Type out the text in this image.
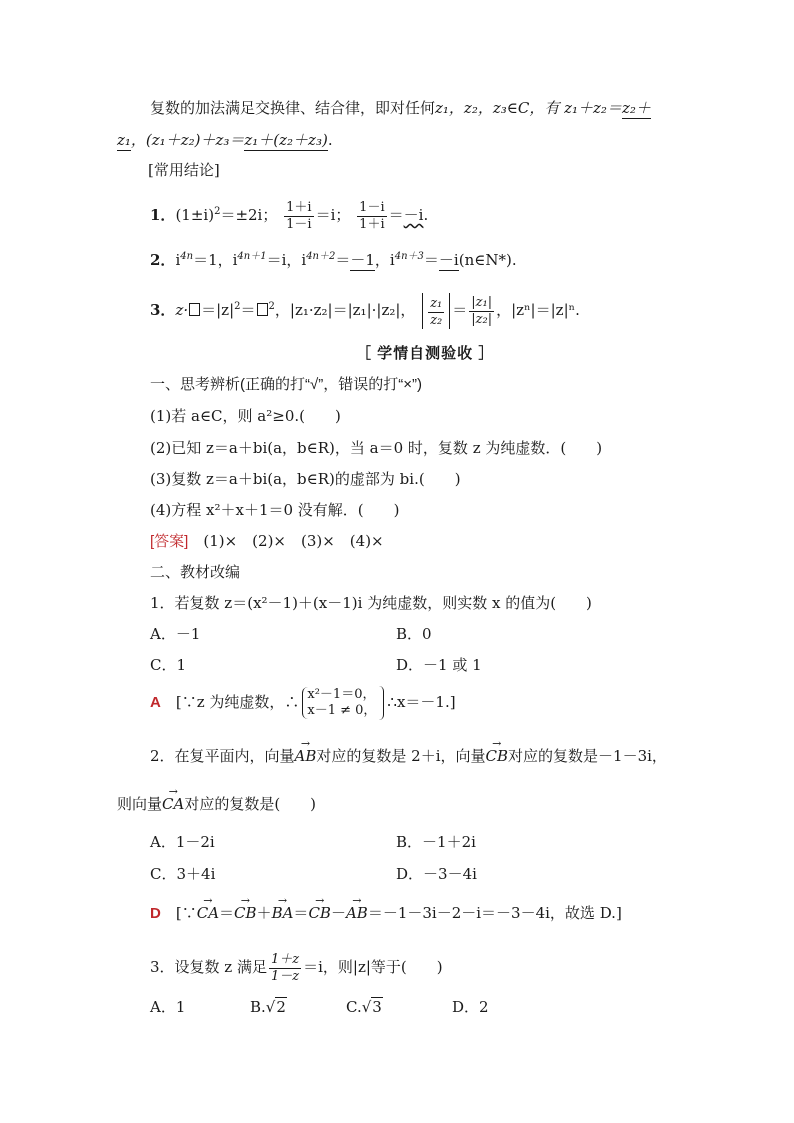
复数的加法满足交换律、结合律，即对任何z₁，z₂，z₃∈C，有 z₁＋z₂＝z₂＋
z₁，(z₁＋z₂)＋z₃＝z₁＋(z₂＋z₃).
[常用结论]
1．$(1\pm i)^2=\pm 2i$； $\frac{1+i}{1-i} =i$； $\frac{1-i}{1+i} =-i$.
2．$i^{4n}=1$，$i^{4n+1}=i$，$i^{4n+2}=-1$，$i^{4n+3}=-i(n\in N*)$.
3．$z\cdot =|z|^2= ^2$，|z₁·z₂|＝|z₁|·|z₂|， $\frac{\text{z₁}}{\text{z₂}} = \frac{\text{|z₁|}}{\text{|z₂|}}$ ，|zⁿ|＝|z|ⁿ.
［ 学情自测验收 ］
一、思考辨析(正确的打“√”，错误的打“×”)
(1)若 a∈C，则 a²≥0.(　　)
(2)已知 z＝a＋bi(a，b∈R)，当 a＝0 时，复数 z 为纯虚数．(　　)
(3)复数 z＝a＋bi(a，b∈R)的虚部为 bi.(　　)
(4)方程 x²＋x＋1＝0 没有解．(　　)
[答案]　 (1)×　(2)×　(3)×　(4)×
二、教材改编
1．若复数 z＝(x²－1)＋(x－1)i 为纯虚数，则实数 x 的值为(　　)
A．－1	B．0
C．1	D．－1 或 1
A　 [∵z 为纯虚数，∴ x²－1＝0，
x－1 ≠ 0， ∴x＝－1.]
2．在复平面内，向量→ AB对应的复数是 2＋i，向量→ CB对应的复数是－1－3i，
则向量→ CA对应的复数是(　　)
A．1－2i	B．－1＋2i
C．3＋4i	D．－3－4i
D　 [∵→ CA＝→ CB＋→ BA＝→ CB－→ AB＝－1－3i－2－i＝－3－4i，故选 D.]
3．设复数 z 满足 $\frac{1+z}{1-z} =i$，则|z|等于(　　)
A．1	B.√2	C.√3	D．2
